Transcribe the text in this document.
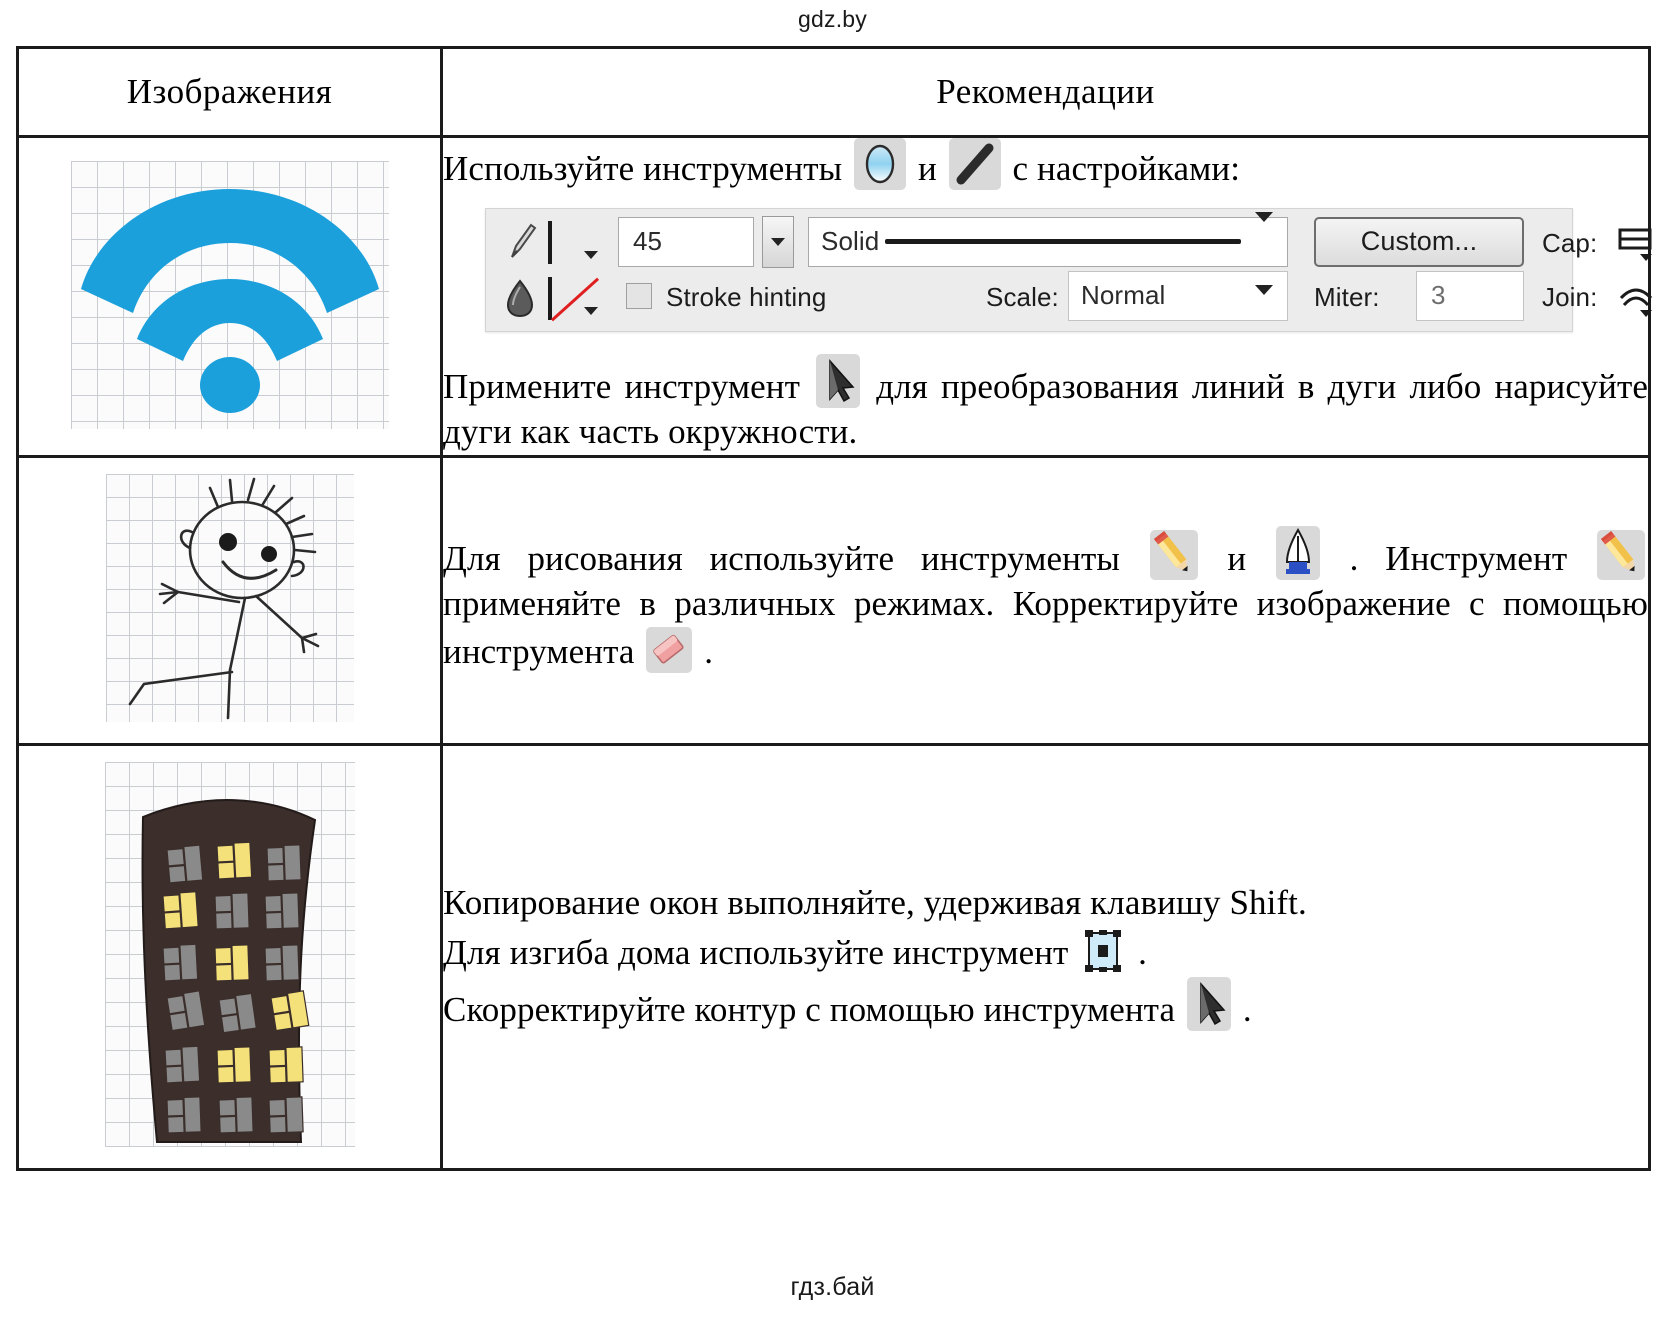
gdz.by
Изображения	Рекомендации

Используйте инструменты и с настройками:

45	Solid	Custom...	Cap:
Stroke hinting	Scale: Normal	Miter:	3	Join:

Примените инструмент для преобразования линий в дуги либо нарисуйте дуги как часть окружности.

Для рисования используйте инструменты и . Инструмент
применяйте в различных режимах. Корректируйте изображение с помощью инструмента .

Копирование окон выполняйте, удерживая клавишу Shift.

Для изгиба дома используйте инструмент .

Скорректируйте контур с помощью инструмента .

гдз.бай
